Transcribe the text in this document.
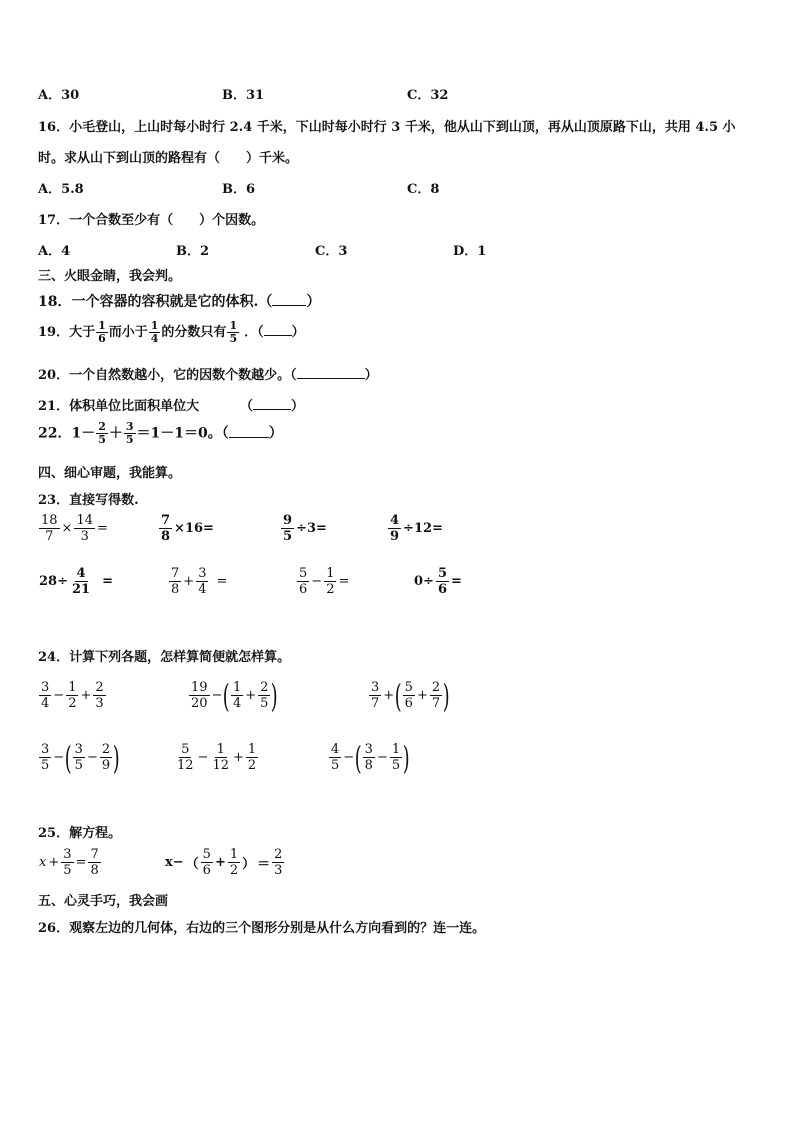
A．30	B．31	C．32
16．小毛登山，上山时每小时行 2.4 千米，下山时每小时行 3 千米，他从山下到山顶，再从山顶原路下山，共用 4.5 小
时。求从山下到山顶的路程有（　　）千米。
A．5.8	B．6	C．8
17．一个合数至少有（　　）个因数。
A．4	B．2	C．3	D．1
三、火眼金睛，我会判。
18．一个容器的容积就是它的体积.（ ）
19．大于 $\frac{1}{6}$ 而小于 $\frac{1}{4}$ 的分数只有 $\frac{1}{5}$ ．（ ）
20．一个自然数越小，它的因数个数越少。（	）
21．体积单位比面积单位大	（	）
22．$1- \frac{2}{5} + \frac{3}{5} =1-1=0$。（	）
四、细心审题，我能算。
23．直接写得数.
$\frac{18}{7} \times \frac{14}{3}$ =	$\frac{7}{8} \times 16=$	$\frac{9}{5} \div 3=$	$\frac{4}{9} \div 12=$
$28\div \frac{4}{21}$ =	$\frac{7}{8} + \frac{3}{4}$ =	$\frac{5}{6} - \frac{1}{2}$ =	$0\div \frac{5}{6}$ =
24．计算下列各题，怎样算简便就怎样算。
$\frac{3}{4} - \frac{1}{2} + \frac{2}{3}$	$\frac{19}{20}$ −( $\frac{1}{4} + \frac{2}{5}$ )	$\frac{3}{7}$ +( $\frac{5}{6} + \frac{2}{7}$ )
$\frac{3}{5}$ −( $\frac{3}{5} - \frac{2}{9}$ )	$\frac{5}{12} - \frac{1}{12} + \frac{1}{2}$	$\frac{4}{5}$ −( $\frac{3}{8} - \frac{1}{5}$ )
25．解方程。
$x + \frac{3}{5} = \frac{7}{8}$	x− （ $\frac{5}{6} + \frac{1}{2}$ ） ＝ $\frac{2}{3}$
五、心灵手巧，我会画
26．观察左边的几何体，右边的三个图形分别是从什么方向看到的？连一连。
